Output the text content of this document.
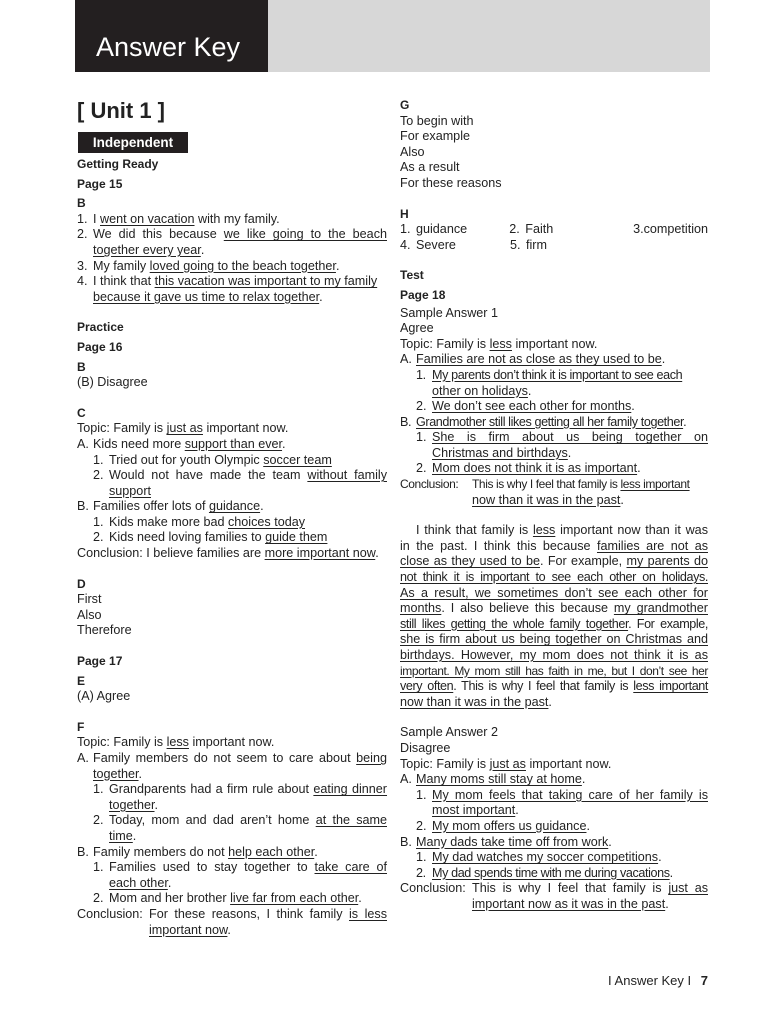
Answer Key
[ Unit 1 ]
Independent
Getting Ready
Page 15
B
1. I went on vacation with my family.
2. We did this because we like going to the beach
together every year.
3. My family loved going to the beach together.
4. I think that this vacation was important to my family
because it gave us time to relax together.
Practice
Page 16
B
(B) Disagree
C
Topic: Family is just as important now.
A. Kids need more support than ever.
1. Tried out for youth Olympic soccer team
2. Would not have made the team without family
support
B. Families offer lots of guidance.
1. Kids make more bad choices today
2. Kids need loving families to guide them
Conclusion: I believe families are more important now.
D
First
Also
Therefore
Page 17
E
(A) Agree
F
Topic: Family is less important now.
A. Family members do not seem to care about being
together.
1. Grandparents had a firm rule about eating dinner
together.
2. Today, mom and dad aren’t home at the same
time.
B. Family members do not help each other.
1. Families used to stay together to take care of
each other.
2. Mom and her brother live far from each other.
Conclusion: For these reasons, I think family is less
important now.
G
To begin with
For example
Also
As a result
For these reasons
H
1. guidance	2. Faith	3.competition
4. Severe	5. firm
Test
Page 18
Sample Answer 1
Agree
Topic: Family is less important now.
A. Families are not as close as they used to be.
1. My parents don’t think it is important to see each
other on holidays.
2. We don’t see each other for months.
B. Grandmother still likes getting all her family together.
1. She is firm about us being together on
Christmas and birthdays.
2. Mom does not think it is as important.
Conclusion: This is why I feel that family is less important
now than it was in the past.
I think that family is less important now than it was
in the past. I think this because families are not as
close as they used to be. For example, my parents do
not think it is important to see each other on holidays.
As a result, we sometimes don’t see each other for
months. I also believe this because my grandmother
still likes getting the whole family together. For example,
she is firm about us being together on Christmas and
birthdays. However, my mom does not think it is as
important. My mom still has faith in me, but I don’t see her
very often. This is why I feel that family is less important
now than it was in the past.
Sample Answer 2
Disagree
Topic: Family is just as important now.
A. Many moms still stay at home.
1. My mom feels that taking care of her family is
most important.
2. My mom offers us guidance.
B. Many dads take time off from work.
1. My dad watches my soccer competitions.
2. My dad spends time with me during vacations.
Conclusion: This is why I feel that family is just as
important now as it was in the past.
I Answer Key I 7
